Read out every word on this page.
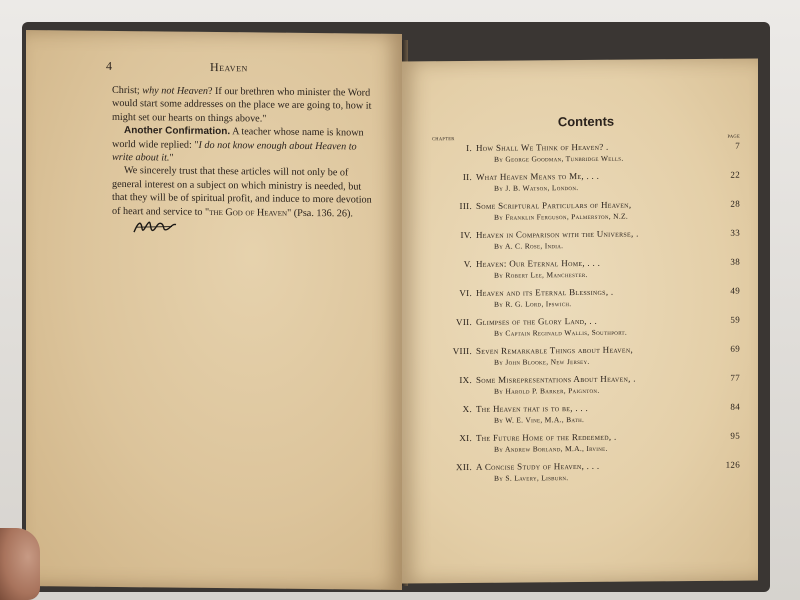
4	Heaven

Christ; why not Heaven? If our brethren who minister the Word would start some addresses on the place we are going to, how it might set our hearts on things above."

Another Confirmation. A teacher whose name is known world wide replied: "I do not know enough about Heaven to write about it."

We sincerely trust that these articles will not only be of general interest on a subject on which ministry is needed, but that they will be of spiritual profit, and induce to more devotion of heart and service to "the God of Heaven" (Psa. 136. 26).

Contents
CHAPTER	PAGE
I. How Shall We Think of Heaven? .	7
By George Goodman, Tunbridge Wells.
II. What Heaven Means to Me, . . .	22
By J. B. Watson, London.
III. Some Scriptural Particulars of Heaven,	28
By Franklin Ferguson, Palmerston, N.Z.
IV. Heaven in Comparison with the Universe, .	33
By A. C. Rose, India.
V. Heaven: Our Eternal Home, . . .	38
By Robert Lee, Manchester.
VI. Heaven and its Eternal Blessings, .	49
By R. G. Lord, Ipswich.
VII. Glimpses of the Glory Land, . .	59
By Captain Reginald Wallis, Southport.
VIII. Seven Remarkable Things about Heaven,	69
By John Blooke, New Jersey.
IX. Some Misrepresentations About Heaven, .	77
By Harold P. Barker, Paignton.
X. The Heaven that is to be, . . .	84
By W. E. Vine, M.A., Bath.
XI. The Future Home of the Redeemed, .	95
By Andrew Borland, M.A., Irvine.
XII. A Concise Study of Heaven, . . .	126
By S. Lavery, Lisburn.
